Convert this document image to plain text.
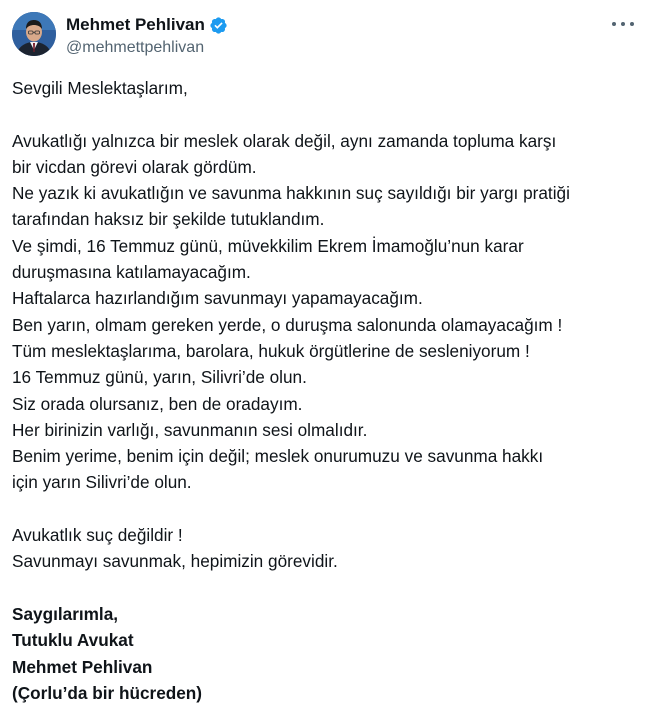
Mehmet Pehlivan
@mehmettpehlivan
Sevgili Meslektaşlarım,
Avukatlığı yalnızca bir meslek olarak değil, aynı zamanda topluma karşı
bir vicdan görevi olarak gördüm.
Ne yazık ki avukatlığın ve savunma hakkının suç sayıldığı bir yargı pratiği
tarafından haksız bir şekilde tutuklandım.
Ve şimdi, 16 Temmuz günü, müvekkilim Ekrem İmamoğlu’nun karar
duruşmasına katılamayacağım.
Haftalarca hazırlandığım savunmayı yapamayacağım.
Ben yarın, olmam gereken yerde, o duruşma salonunda olamayacağım !
Tüm meslektaşlarıma, barolara, hukuk örgütlerine de sesleniyorum !
16 Temmuz günü, yarın, Silivri’de olun.
Siz orada olursanız, ben de oradayım.
Her birinizin varlığı, savunmanın sesi olmalıdır.
Benim yerime, benim için değil; meslek onurumuzu ve savunma hakkı
için yarın Silivri’de olun.
Avukatlık suç değildir !
Savunmayı savunmak, hepimizin görevidir.
Saygılarımla,
Tutuklu Avukat
Mehmet Pehlivan
(Çorlu’da bir hücreden)
